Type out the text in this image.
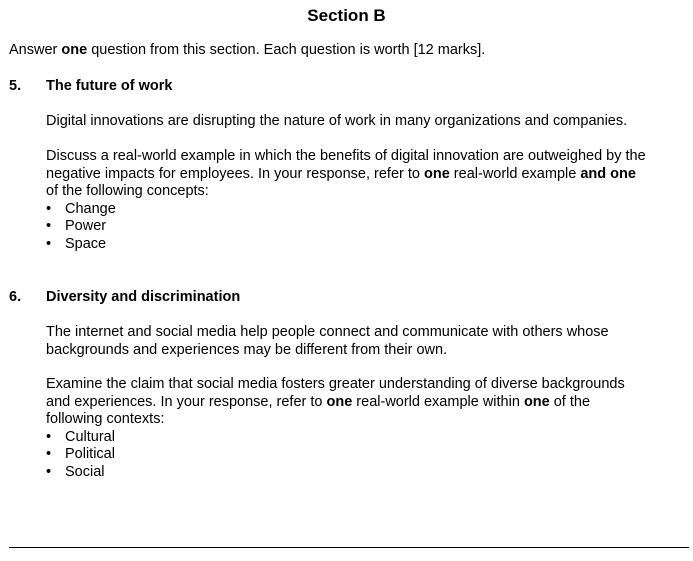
Section B
Answer one question from this section. Each question is worth [12 marks].
5. The future of work

Digital innovations are disrupting the nature of work in many organizations and companies.

Discuss a real-world example in which the benefits of digital innovation are outweighed by the negative impacts for employees. In your response, refer to one real-world example and one of the following concepts:
• Change
• Power
• Space
6. Diversity and discrimination

The internet and social media help people connect and communicate with others whose backgrounds and experiences may be different from their own.

Examine the claim that social media fosters greater understanding of diverse backgrounds and experiences. In your response, refer to one real-world example within one of the following contexts:
• Cultural
• Political
• Social
